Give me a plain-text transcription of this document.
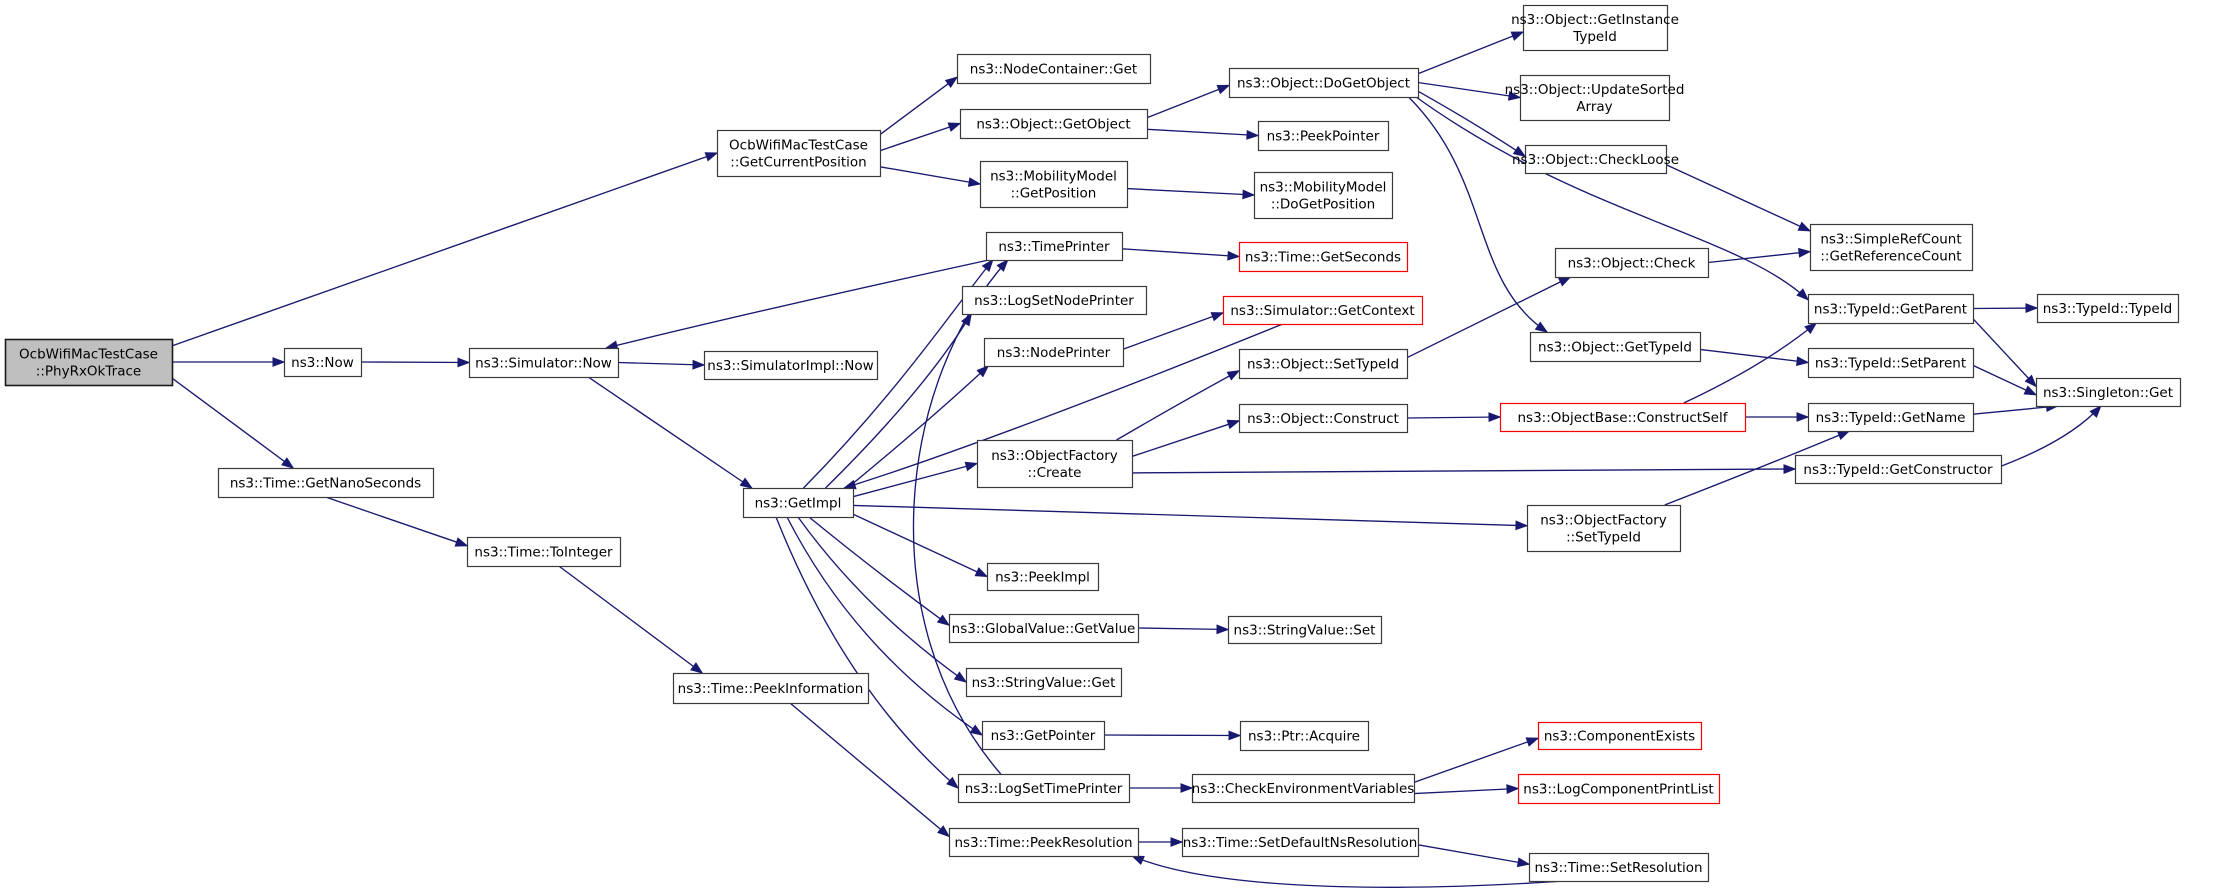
OcbWifiMacTestCase ::PhyRxOkTrace
OcbWifiMacTestCase ::GetCurrentPosition
ns3::NodeContainer::Get
ns3::Object::GetObject
ns3::MobilityModel ::GetPosition
ns3::TimePrinter
ns3::LogSetNodePrinter
ns3::NodePrinter
ns3::Object::DoGetObject
ns3::PeekPointer
ns3::MobilityModel ::DoGetPosition
ns3::Time::GetSeconds
ns3::Simulator::GetContext
ns3::Object::SetTypeId
ns3::Object::Construct
ns3::Object::GetInstance TypeId
ns3::Object::UpdateSorted Array
ns3::Object::CheckLoose
ns3::Object::Check
ns3::Object::GetTypeId
ns3::ObjectBase::ConstructSelf
ns3::ObjectFactory ::SetTypeId
ns3::SimpleRefCount ::GetReferenceCount
ns3::TypeId::GetParent
ns3::TypeId::SetParent
ns3::TypeId::GetName
ns3::TypeId::GetConstructor
ns3::TypeId::TypeId
ns3::Singleton::Get
ns3::Now	ns3::Simulator::Now	ns3::SimulatorImpl::Now
ns3::GetImpl
ns3::ObjectFactory ::Create
ns3::PeekImpl
ns3::Time::GetNanoSeconds
ns3::Time::ToInteger
ns3::Time::PeekInformation
ns3::GlobalValue::GetValue	ns3::StringValue::Set
ns3::StringValue::Get
ns3::GetPointer	ns3::Ptr::Acquire
ns3::LogSetTimePrinter	ns3::CheckEnvironmentVariables
ns3::Time::PeekResolution	ns3::Time::SetDefaultNsResolution
ns3::ComponentExists
ns3::LogComponentPrintList
ns3::Time::SetResolution
